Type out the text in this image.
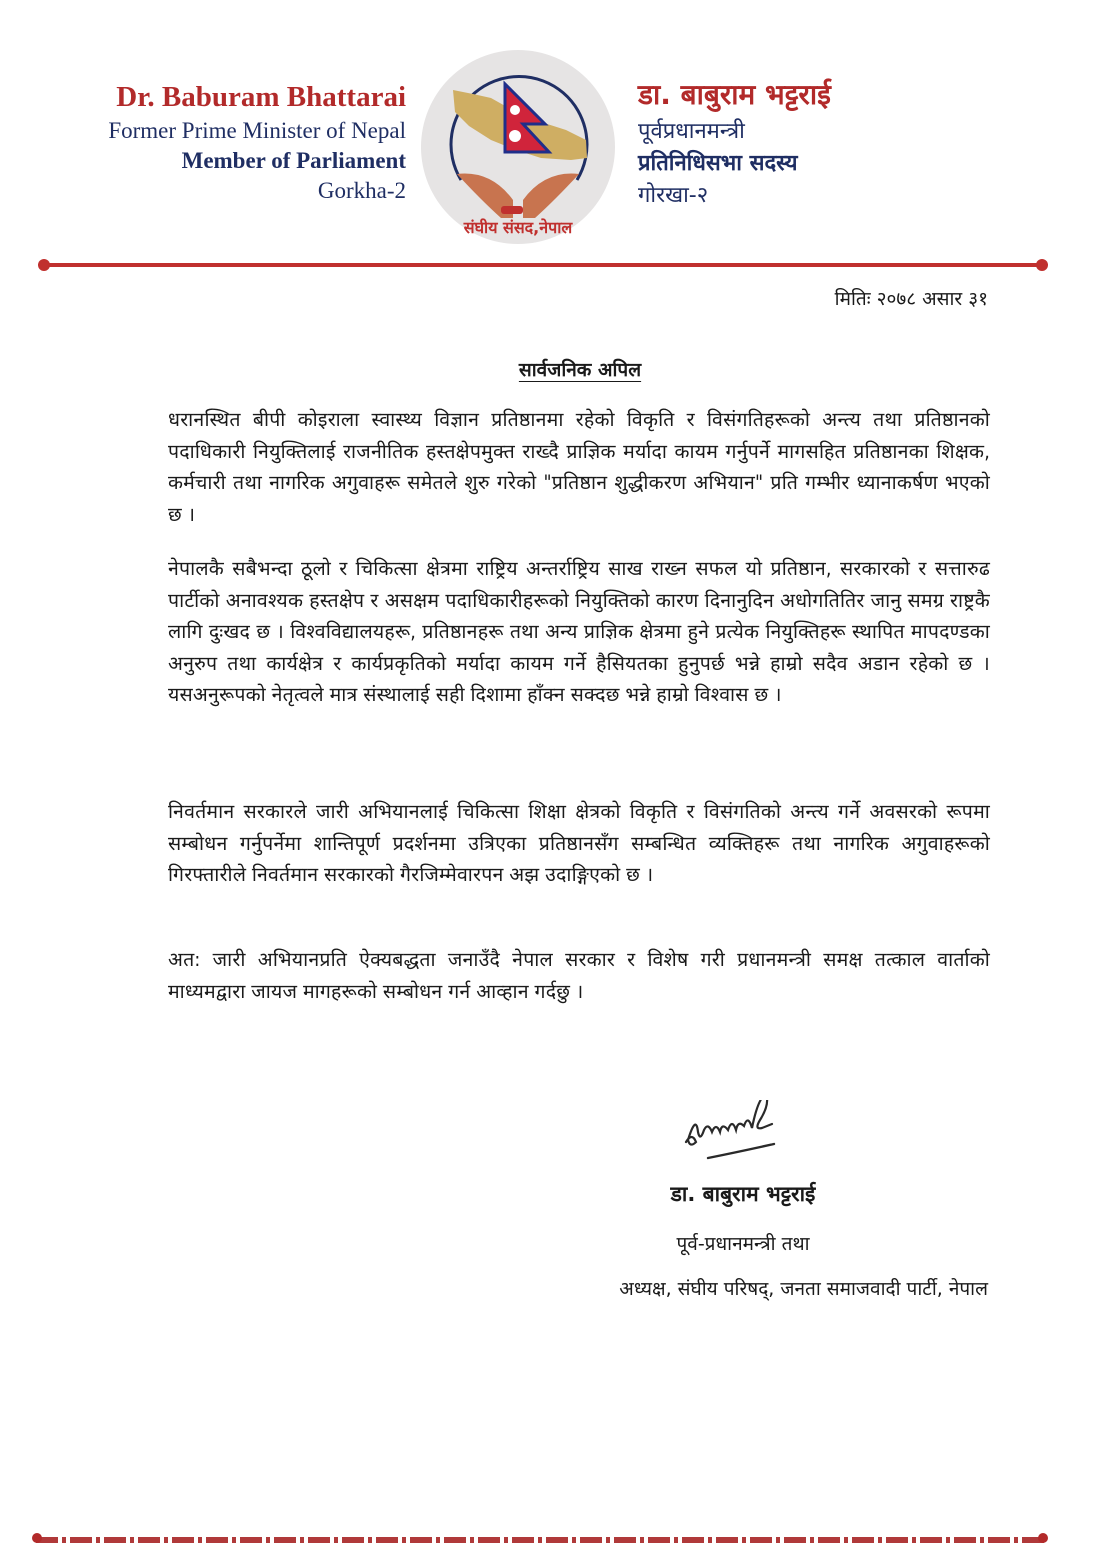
Dr. Baburam Bhattarai
Former Prime Minister of Nepal
Member of Parliament
Gorkha-2
संघीय संसद,नेपाल
डा. बाबुराम भट्टराई
पूर्वप्रधानमन्त्री
प्रतिनिधिसभा सदस्य
गोरखा-२
मितिः २०७८ असार ३१
सार्वजनिक अपिल
धरानस्थित बीपी कोइराला स्वास्थ्य विज्ञान प्रतिष्ठानमा रहेको विकृति र विसंगतिहरूको अन्त्य तथा प्रतिष्ठानको पदाधिकारी नियुक्तिलाई राजनीतिक हस्तक्षेपमुक्त राख्दै प्राज्ञिक मर्यादा कायम गर्नुपर्ने मागसहित प्रतिष्ठानका शिक्षक, कर्मचारी तथा नागरिक अगुवाहरू समेतले शुरु गरेको "प्रतिष्ठान शुद्धीकरण अभियान" प्रति गम्भीर ध्यानाकर्षण भएको छ ।
नेपालकै सबैभन्दा ठूलो र चिकित्सा क्षेत्रमा राष्ट्रिय अन्तर्राष्ट्रिय साख राख्न सफल यो प्रतिष्ठान, सरकारको र सत्तारुढ पार्टीको अनावश्यक हस्तक्षेप र असक्षम पदाधिकारीहरूको नियुक्तिको कारण दिनानुदिन अधोगतितिर जानु समग्र राष्ट्रकै लागि दुःखद छ । विश्वविद्यालयहरू, प्रतिष्ठानहरू तथा अन्य प्राज्ञिक क्षेत्रमा हुने प्रत्येक नियुक्तिहरू स्थापित मापदण्डका अनुरुप तथा कार्यक्षेत्र र कार्यप्रकृतिको मर्यादा कायम गर्ने हैसियतका हुनुपर्छ भन्ने हाम्रो सदैव अडान रहेको छ । यसअनुरूपको नेतृत्वले मात्र संस्थालाई सही दिशामा हाँक्न सक्दछ भन्ने हाम्रो विश्वास छ ।
निवर्तमान सरकारले जारी अभियानलाई चिकित्सा शिक्षा क्षेत्रको विकृति र विसंगतिको अन्त्य गर्ने अवसरको रूपमा सम्बोधन गर्नुपर्नेमा शान्तिपूर्ण प्रदर्शनमा उत्रिएका प्रतिष्ठानसँग सम्बन्धित व्यक्तिहरू तथा नागरिक अगुवाहरूको गिरफ्तारीले निवर्तमान सरकारको गैरजिम्मेवारपन अझ उदाङ्गिएको छ ।
अत: जारी अभियानप्रति ऐक्यबद्धता जनाउँदै नेपाल सरकार र विशेष गरी प्रधानमन्त्री समक्ष तत्काल वार्ताको माध्यमद्वारा जायज मागहरूको सम्बोधन गर्न आव्हान गर्दछु ।
डा. बाबुराम भट्टराई
पूर्व-प्रधानमन्त्री तथा
अध्यक्ष, संघीय परिषद्, जनता समाजवादी पार्टी, नेपाल
